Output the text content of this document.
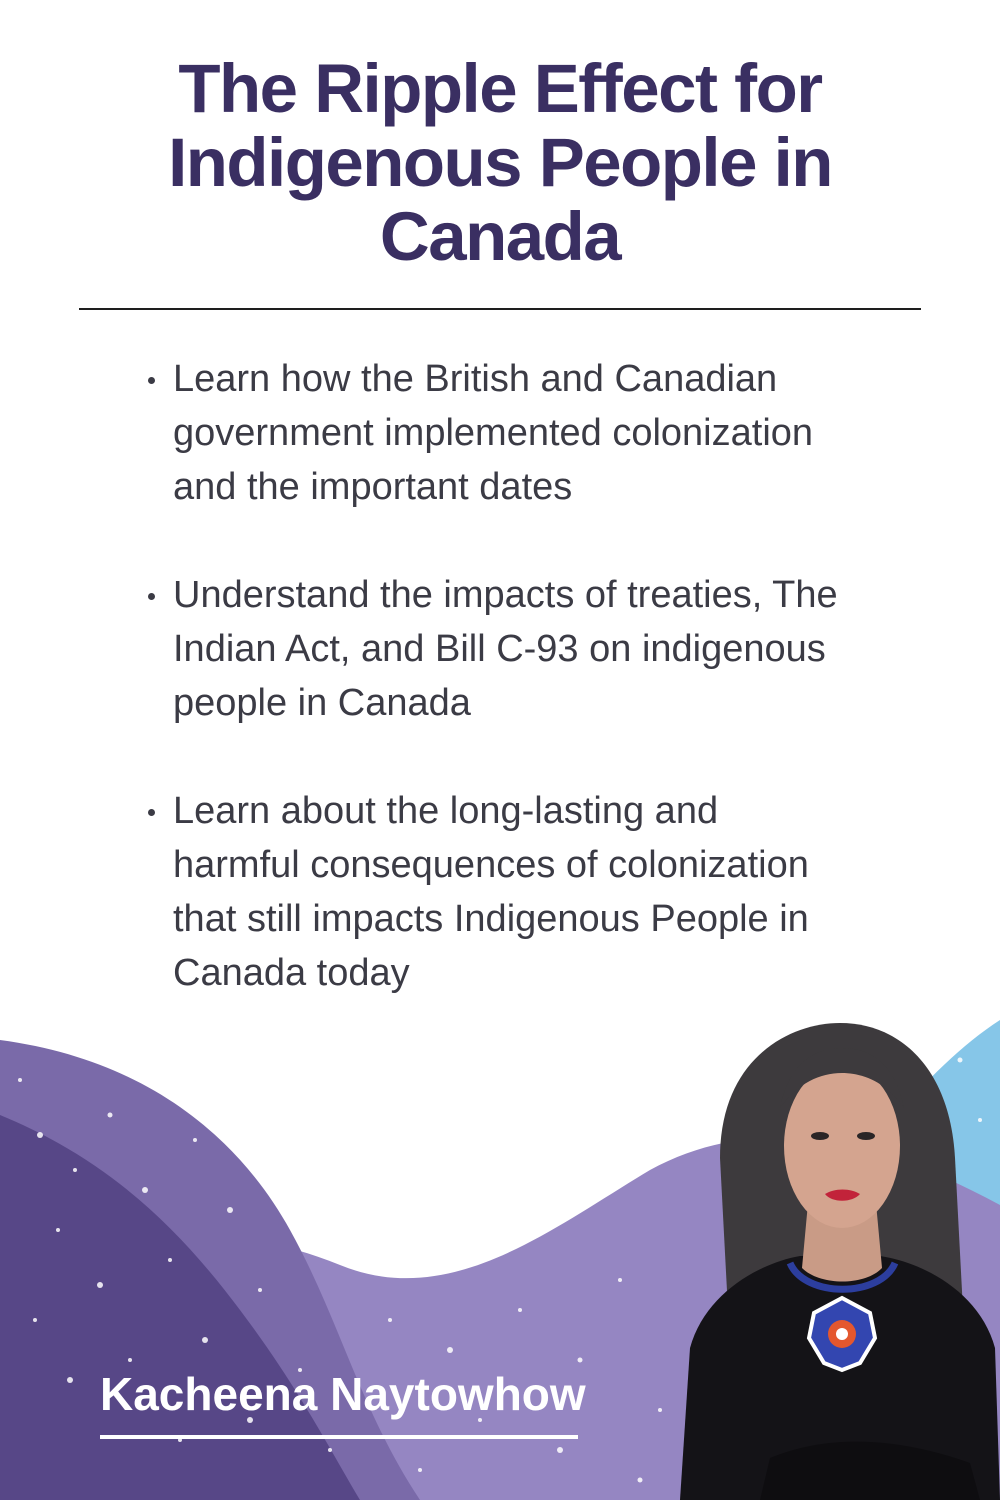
The Ripple Effect for
Indigenous People in
Canada
Learn how the British and Canadian
government implemented colonization
and the important dates
Understand the impacts of treaties, The
Indian Act, and Bill C-93 on indigenous
people in Canada
Learn about the long-lasting and
harmful consequences of colonization
that still impacts Indigenous People in
Canada today

Kacheena Naytowhow
